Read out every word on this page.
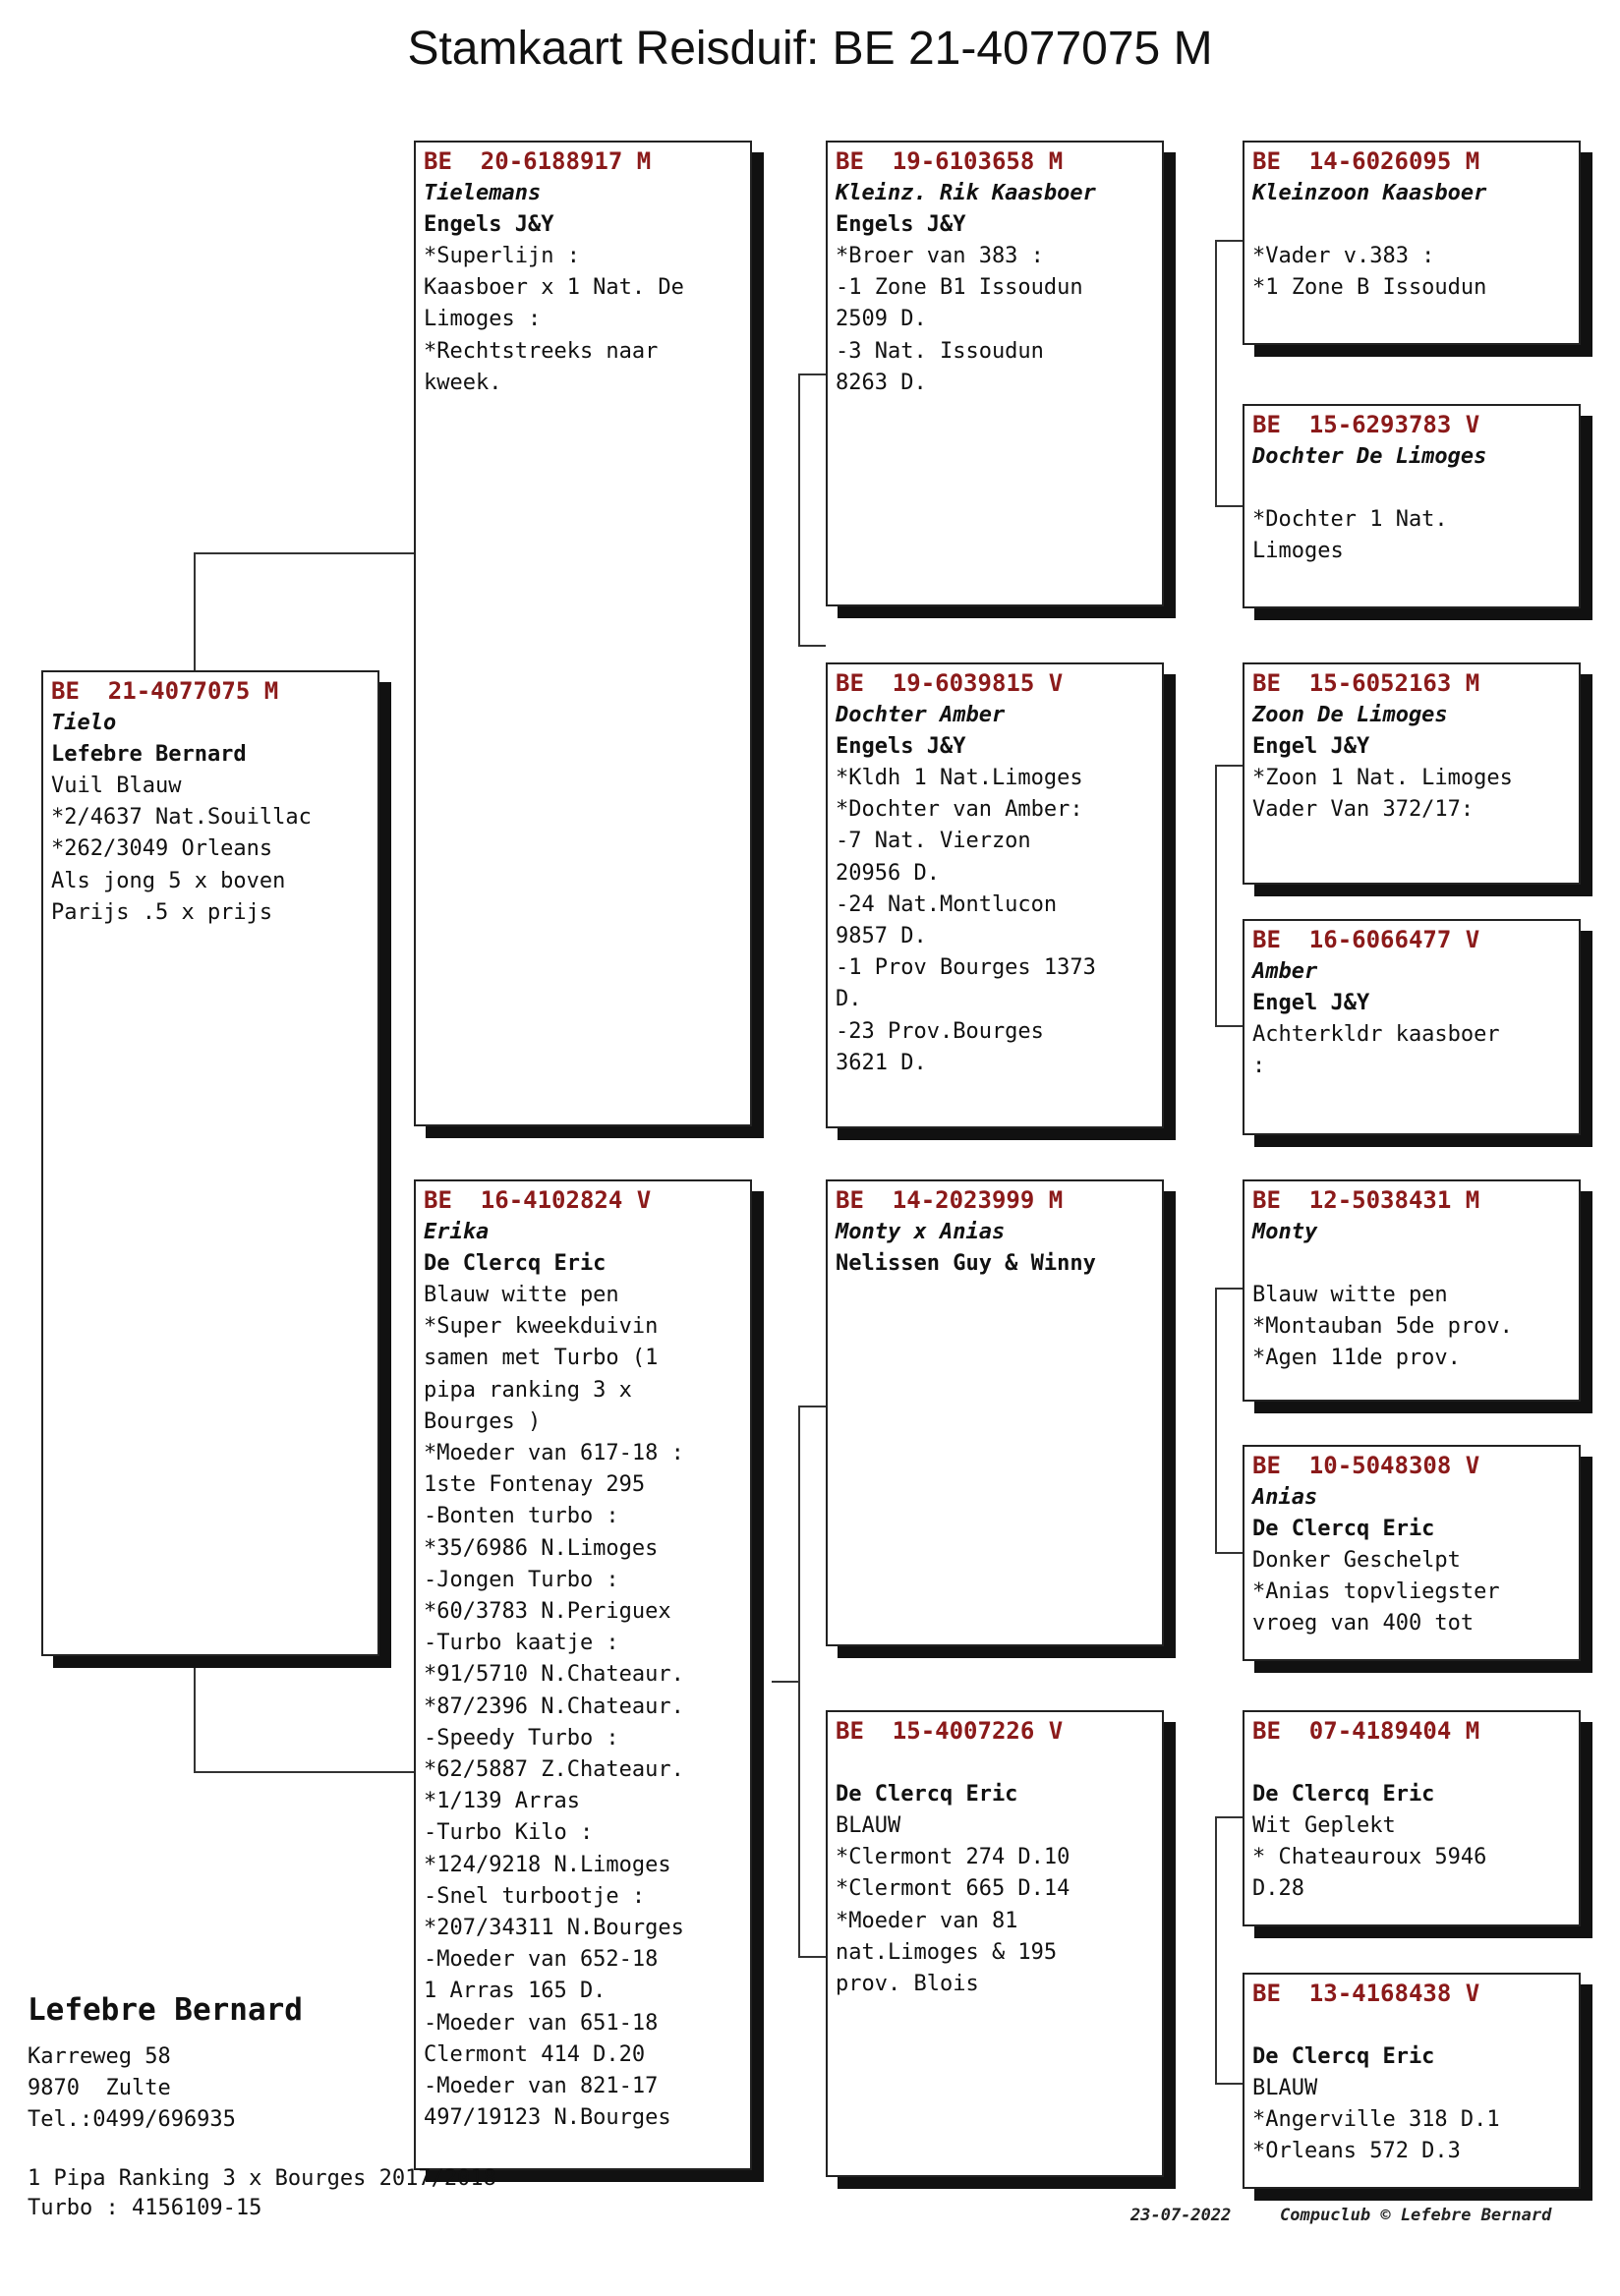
Stamkaart Reisduif: BE 21-4077075 M
BE  21-4077075 M
Tielo
Lefebre Bernard
Vuil Blauw
*2/4637 Nat.Souillac
*262/3049 Orleans
Als jong 5 x boven
Parijs .5 x prijs
BE  20-6188917 M
Tielemans
Engels J&Y
*Superlijn :
Kaasboer x 1 Nat. De
Limoges :
*Rechtstreeks naar
kweek.
BE  16-4102824 V
Erika
De Clercq Eric
Blauw witte pen
*Super kweekduivin
samen met Turbo (1
pipa ranking 3 x
Bourges )
*Moeder van 617-18 :
1ste Fontenay 295
-Bonten turbo :
*35/6986 N.Limoges
-Jongen Turbo :
*60/3783 N.Periguex
-Turbo kaatje :
*91/5710 N.Chateaur.
*87/2396 N.Chateaur.
-Speedy Turbo :
*62/5887 Z.Chateaur.
*1/139 Arras
-Turbo Kilo :
*124/9218 N.Limoges
-Snel turbootje :
*207/34311 N.Bourges
-Moeder van 652-18
1 Arras 165 D.
-Moeder van 651-18
Clermont 414 D.20
-Moeder van 821-17
497/19123 N.Bourges
BE  19-6103658 M
Kleinz. Rik Kaasboer
Engels J&Y
*Broer van 383 :
-1 Zone B1 Issoudun
2509 D.
-3 Nat. Issoudun
8263 D.
BE  19-6039815 V
Dochter Amber
Engels J&Y
*Kldh 1 Nat.Limoges
*Dochter van Amber:
-7 Nat. Vierzon
20956 D.
-24 Nat.Montlucon
9857 D.
-1 Prov Bourges 1373
D.
-23 Prov.Bourges
3621 D.
BE  14-2023999 M
Monty x Anias
Nelissen Guy & Winny
BE  15-4007226 V
De Clercq Eric
BLAUW
*Clermont 274 D.10
*Clermont 665 D.14
*Moeder van 81
nat.Limoges & 195
prov. Blois
BE  14-6026095 M
Kleinzoon Kaasboer
*Vader v.383 :
*1 Zone B Issoudun
BE  15-6293783 V
Dochter De Limoges
*Dochter 1 Nat.
Limoges
BE  15-6052163 M
Zoon De Limoges
Engel J&Y
*Zoon 1 Nat. Limoges
Vader Van 372/17:
BE  16-6066477 V
Amber
Engel J&Y
Achterkldr kaasboer
:
BE  12-5038431 M
Monty
Blauw witte pen
*Montauban 5de prov.
*Agen 11de prov.
BE  10-5048308 V
Anias
De Clercq Eric
Donker Geschelpt
*Anias topvliegster
vroeg van 400 tot
BE  07-4189404 M
De Clercq Eric
Wit Geplekt
* Chateauroux 5946
D.28
BE  13-4168438 V
De Clercq Eric
BLAUW
*Angerville 318 D.1
*Orleans 572 D.3
Lefebre Bernard
Karreweg 58
9870  Zulte
Tel.:0499/696935
1 Pipa Ranking 3 x Bourges 2017/2018
Turbo : 4156109-15	23-07-2022	Compuclub © Lefebre Bernard
